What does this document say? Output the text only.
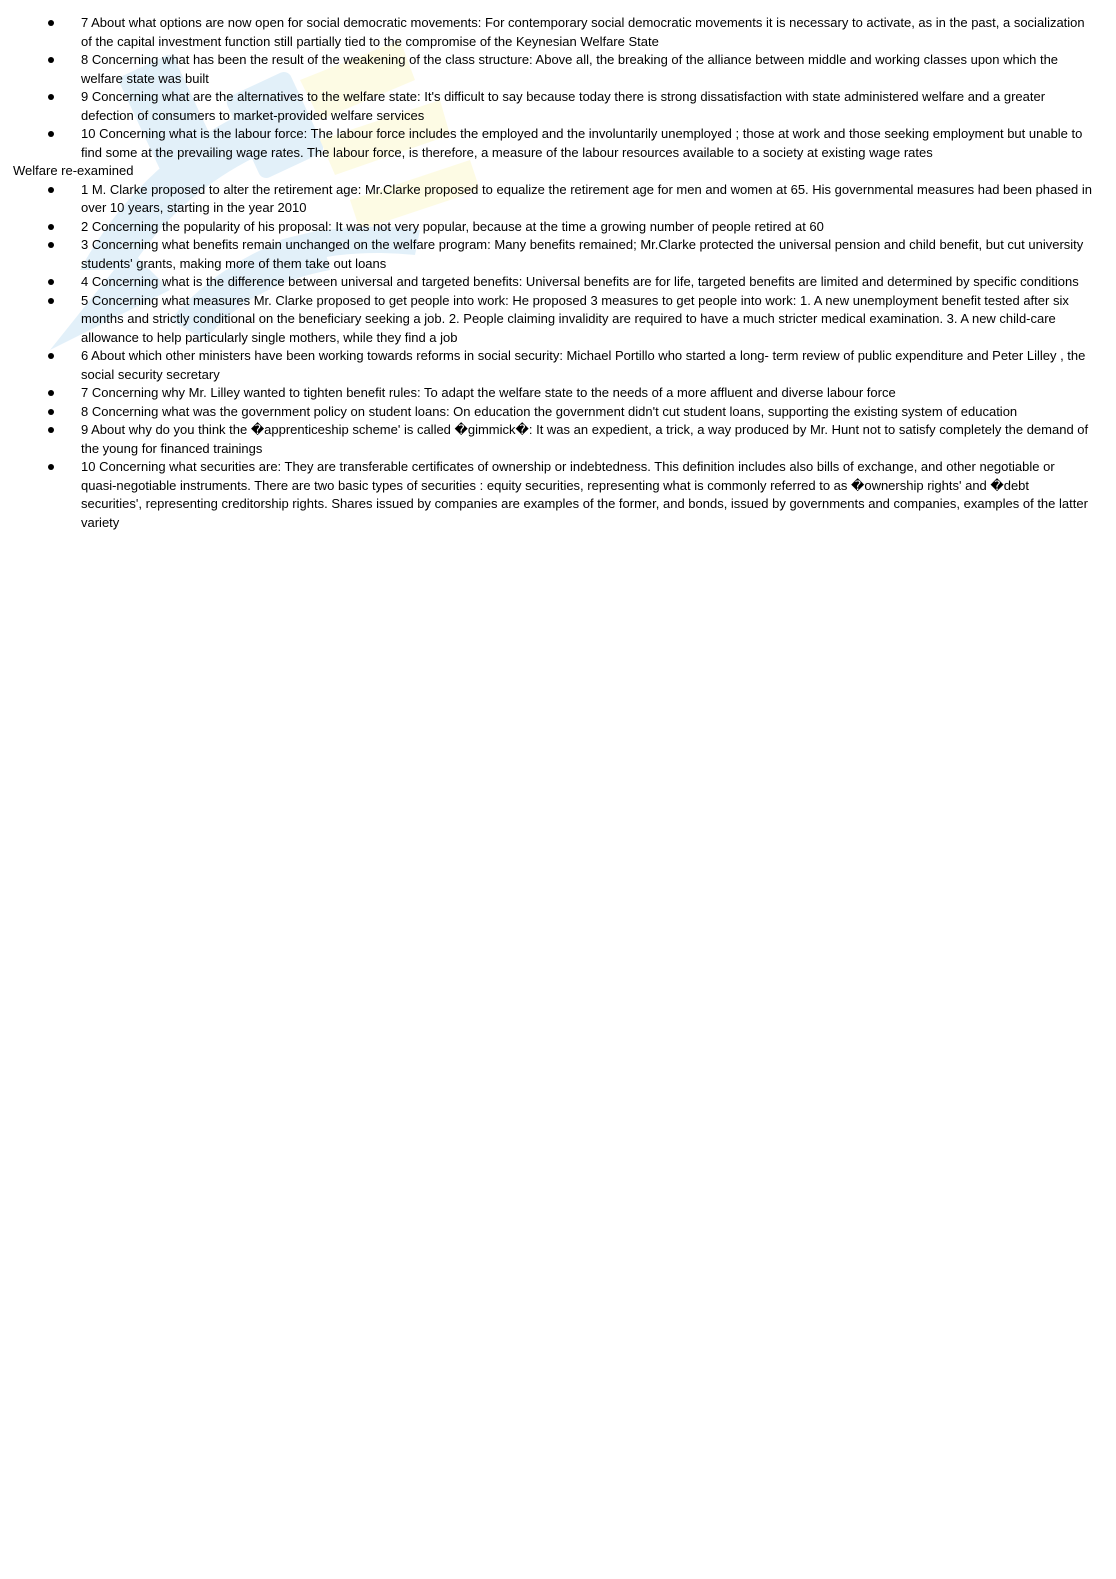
7 About what options are now open for social democratic movements: For contemporary social democratic movements it is necessary to activate, as in the past, a socialization of the capital investment function still partially tied to the compromise of the Keynesian Welfare State
8 Concerning what has been the result of the weakening of the class structure: Above all, the breaking of the alliance between middle and working classes upon which the welfare state was built
9 Concerning what are the alternatives to the welfare state: It's difficult to say because today there is strong dissatisfaction with state administered welfare and a greater defection of consumers to market-provided welfare services
10 Concerning what is the labour force: The labour force includes the employed and the involuntarily unemployed ; those at work and those seeking employment but unable to find some at the prevailing wage rates. The labour force, is therefore, a measure of the labour resources available to a society at existing wage rates

Welfare re-examined

1 M. Clarke proposed to alter the retirement age: Mr.Clarke proposed to equalize the retirement age for men and women at 65. His governmental measures had been phased in over 10 years, starting in the year 2010
2 Concerning the popularity of his proposal: It was not very popular, because at the time a growing number of people retired at 60
3 Concerning what benefits remain unchanged on the welfare program: Many benefits remained; Mr.Clarke protected the universal pension and child benefit, but cut university students' grants, making more of them take out loans
4 Concerning what is the difference between universal and targeted benefits: Universal benefits are for life, targeted benefits are limited and determined by specific conditions
5 Concerning what measures Mr. Clarke proposed to get people into work: He proposed 3 measures to get people into work: 1. A new unemployment benefit tested after six months and strictly conditional on the beneficiary seeking a job. 2. People claiming invalidity are required to have a much stricter medical examination. 3. A new child-care allowance to help particularly single mothers, while they find a job
6 About which other ministers have been working towards reforms in social security: Michael Portillo who started a long- term review of public expenditure and Peter Lilley , the social security secretary
7 Concerning why Mr. Lilley wanted to tighten benefit rules: To adapt the welfare state to the needs of a more affluent and diverse labour force
8 Concerning what was the government policy on student loans: On education the government didn't cut student loans, supporting the existing system of education
9 About why do you think the �apprenticeship scheme' is called �gimmick�: It was an expedient, a trick, a way produced by Mr. Hunt not to satisfy completely the demand of the young for financed trainings
10 Concerning what securities are: They are transferable certificates of ownership or indebtedness. This definition includes also bills of exchange, and other negotiable or quasi-negotiable instruments. There are two basic types of securities : equity securities, representing what is commonly referred to as �ownership rights' and �debt securities', representing creditorship rights. Shares issued by companies are examples of the former, and bonds, issued by governments and companies, examples of the latter variety
